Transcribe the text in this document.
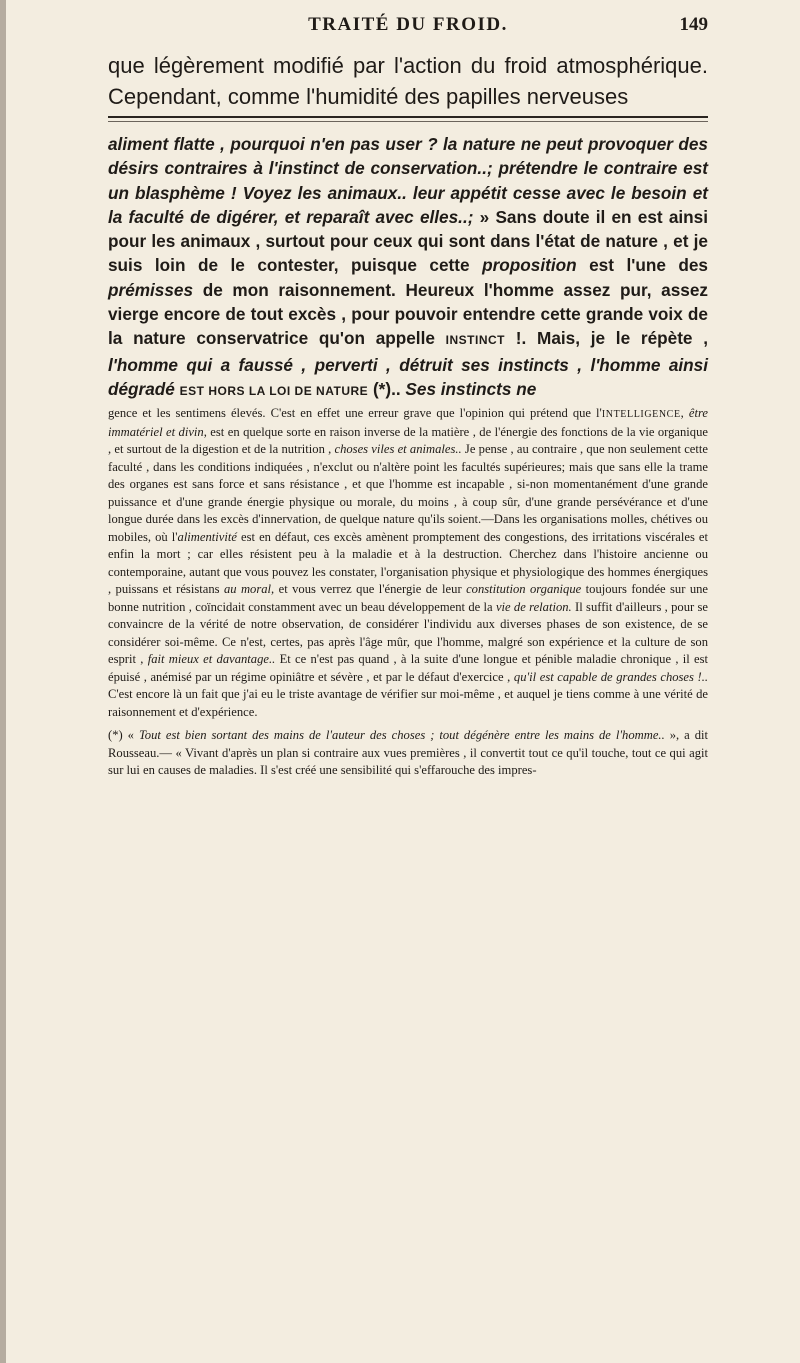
TRAITÉ DU FROID.	149
que légèrement modifié par l'action du froid atmosphérique. Cependant, comme l'humidité des papilles nerveuses
aliment flatte , pourquoi n'en pas user ? la nature ne peut provoquer des désirs contraires à l'instinct de conservation..; prétendre le contraire est un blasphème ! Voyez les animaux.. leur appétit cesse avec le besoin et la faculté de digérer, et reparaît avec elles..; » Sans doute il en est ainsi pour les animaux , surtout pour ceux qui sont dans l'état de nature , et je suis loin de le contester, puisque cette proposition est l'une des prémisses de mon raisonnement. Heureux l'homme assez pur, assez vierge encore de tout excès , pour pouvoir entendre cette grande voix de la nature conservatrice qu'on appelle INSTINCT !. Mais, je le répète , l'homme qui a faussé , perverti , détruit ses instincts , l'homme ainsi dégradé EST HORS LA LOI DE NATURE (*).. Ses instincts ne

gence et les sentimens élevés. C'est en effet une erreur grave que l'opinion qui prétend que l'INTELLIGENCE, être immatériel et divin, est en quelque sorte en raison inverse de la matière , de l'énergie des fonctions de la vie organique , et surtout de la digestion et de la nutrition , choses viles et animales.. Je pense , au contraire , que non seulement cette faculté , dans les conditions indiquées , n'exclut ou n'altère point les facultés supérieures; mais que sans elle la trame des organes est sans force et sans résistance , et que l'homme est incapable , si-non momentanément d'une grande puissance et d'une grande énergie physique ou morale, du moins , à coup sûr, d'une grande persévérance et d'une longue durée dans les excès d'innervation, de quelque nature qu'ils soient.—Dans les organisations molles, chétives ou mobiles, où l'alimentivité est en défaut, ces excès amènent promptement des congestions, des irritations viscérales et enfin la mort ; car elles résistent peu à la maladie et à la destruction. Cherchez dans l'histoire ancienne ou contemporaine, autant que vous pouvez les constater, l'organisation physique et physiologique des hommes énergiques , puissans et résistans au moral, et vous verrez que l'énergie de leur constitution organique toujours fondée sur une bonne nutrition , coïncidait constamment avec un beau développement de la vie de relation. Il suffit d'ailleurs , pour se convaincre de la vérité de notre observation, de considérer l'individu aux diverses phases de son existence, de se considérer soi-même. Ce n'est, certes, pas après l'âge mûr, que l'homme, malgré son expérience et la culture de son esprit , fait mieux et davantage.. Et ce n'est pas quand , à la suite d'une longue et pénible maladie chronique , il est épuisé , anémisé par un régime opiniâtre et sévère , et par le défaut d'exercice , qu'il est capable de grandes choses !.. C'est encore là un fait que j'ai eu le triste avantage de vérifier sur moi-même , et auquel je tiens comme à une vérité de raisonnement et d'expérience.

(*) « Tout est bien sortant des mains de l'auteur des choses ; tout dégénère entre les mains de l'homme.. », a dit Rousseau.— « Vivant d'après un plan si contraire aux vues premières , il convertit tout ce qu'il touche, tout ce qui agit sur lui en causes de maladies. Il s'est créé une sensibilité qui s'effarouche des impres-
